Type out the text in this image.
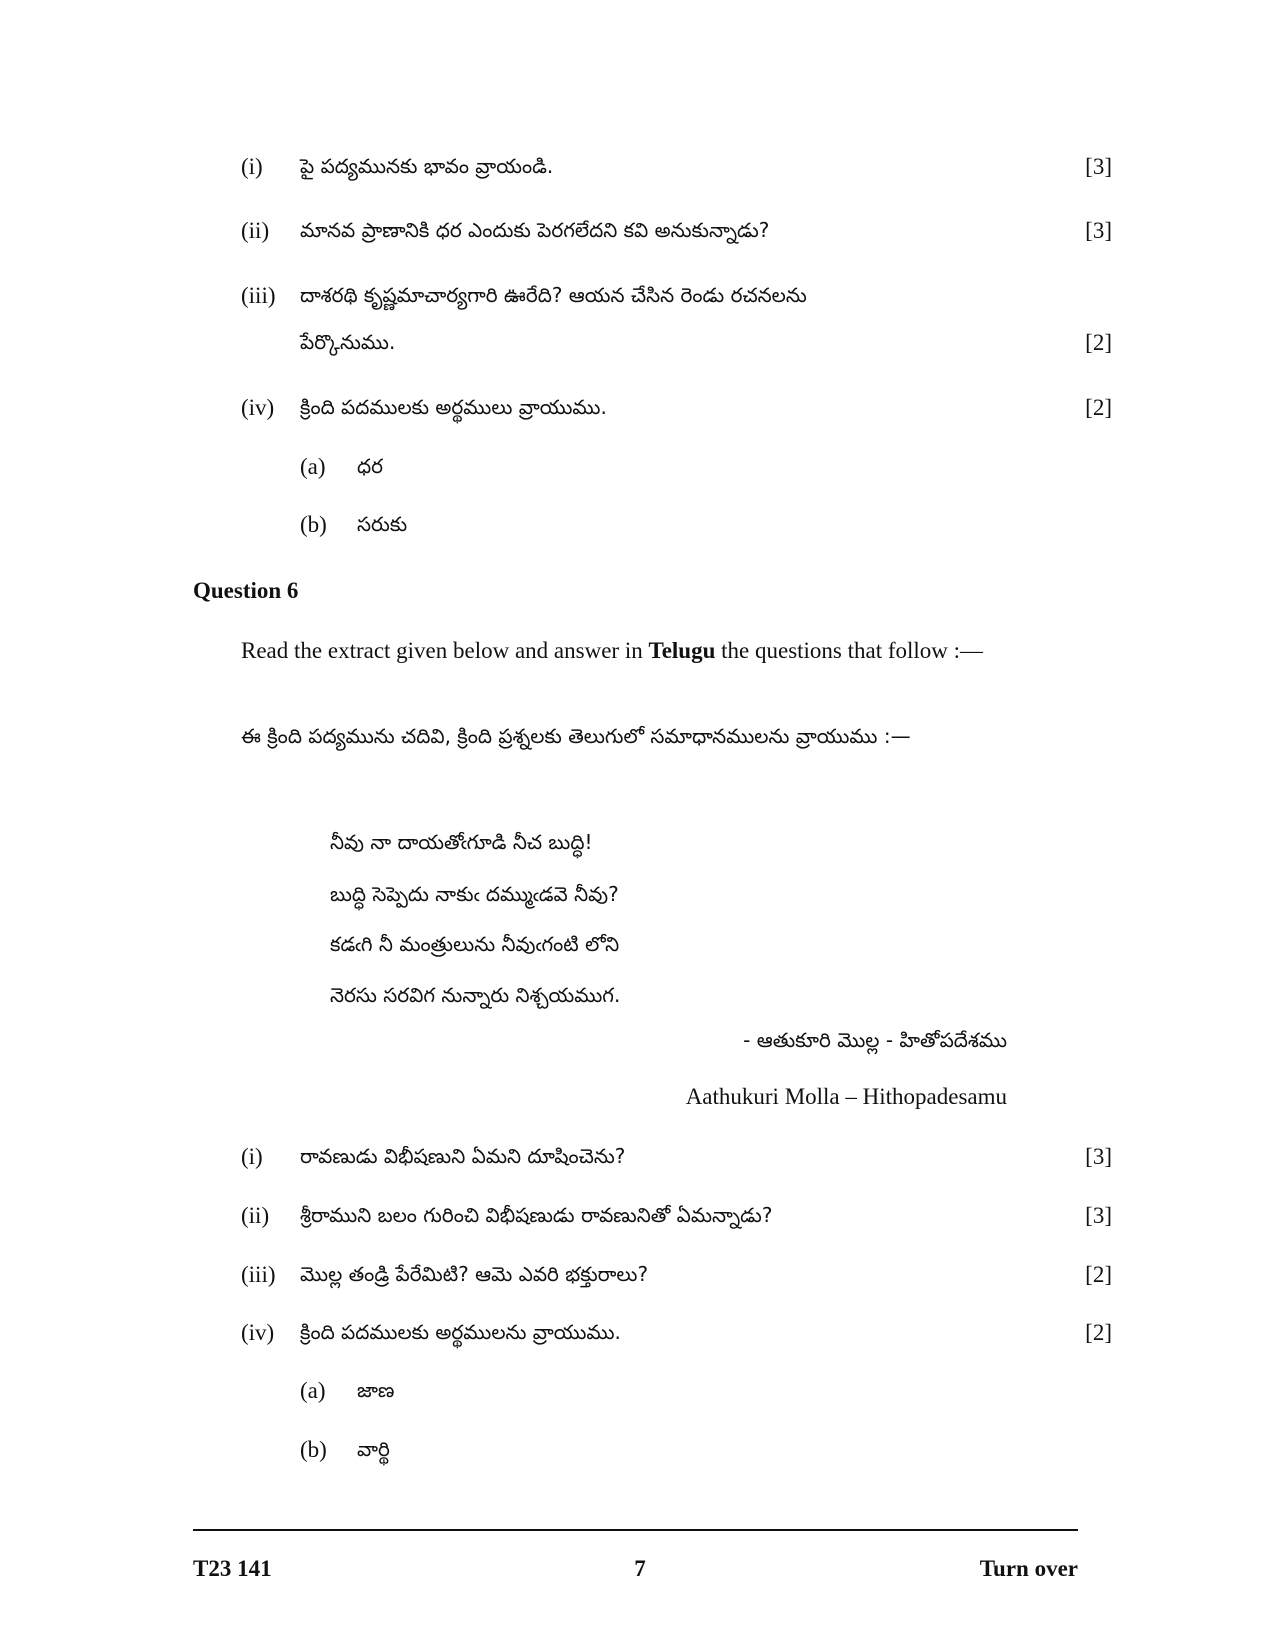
(i) పై పద్యమునకు భావం వ్రాయండి.	[3]
(ii) మానవ ప్రాణానికి ధర ఎందుకు పెరగలేదని కవి అనుకున్నాడు?	[3]
(iii) దాశరథి కృష్ణమాచార్యగారి ఊరేది? ఆయన చేసిన రెండు రచనలను
పేర్కొనుము.	[2]
(iv) క్రింది పదములకు అర్థములు వ్రాయుము.	[2]
(a) ధర
(b) సరుకు
Question 6
Read the extract given below and answer in Telugu the questions that follow :—
ఈ క్రింది పద్యమును చదివి, క్రింది ప్రశ్నలకు తెలుగులో సమాధానములను వ్రాయుము :—
నీవు నా దాయతోఁగూడి నీచ బుద్ధి!
బుద్ధి సెప్పెదు నాకుఁ దమ్ముఁడవె నీవు?
కడఁగి నీ మంత్రులును నీవుఁగంటి లోని
నెరసు సరవిగ నున్నారు నిశ్చయముగ.
- ఆతుకూరి మొల్ల - హితోపదేశము
Aathukuri Molla – Hithopadesamu
(i) రావణుడు విభీషణుని ఏమని దూషించెను?	[3]
(ii) శ్రీరాముని బలం గురించి విభీషణుడు రావణునితో ఏమన్నాడు?	[3]
(iii) మొల్ల తండ్రి పేరేమిటి? ఆమె ఎవరి భక్తురాలు?	[2]
(iv) క్రింది పదములకు అర్థములను వ్రాయుము.	[2]
(a) జాణ
(b) వార్థి
T23 141	7	Turn over
